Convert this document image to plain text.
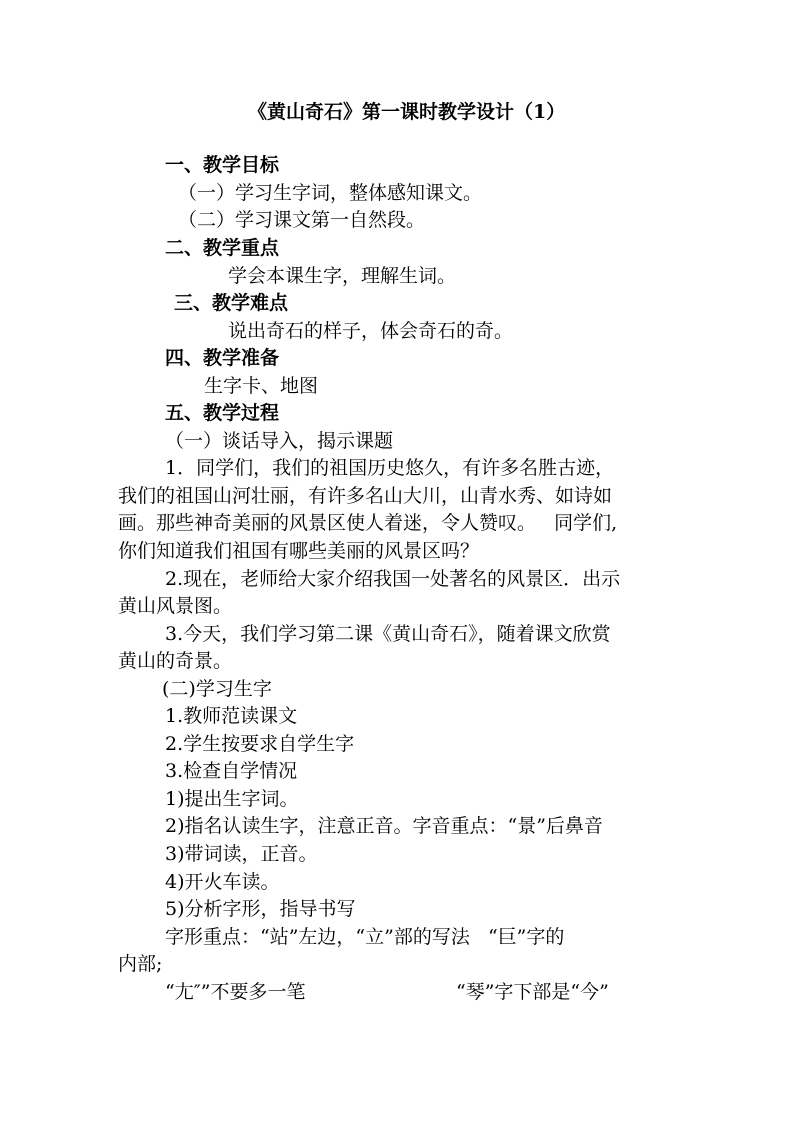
《黄山奇石》第一课时教学设计（1）
一、教学目标
（一）学习生字词，整体感知课文。
（二）学习课文第一自然段。
二、教学重点
学会本课生字，理解生词。
三、教学难点
说出奇石的样子，体会奇石的奇。
四、教学准备
生字卡、地图
五、教学过程
（一）谈话导入，揭示课题
1．同学们，我们的祖国历史悠久，有许多名胜古迹，
我们的祖国山河壮丽，有许多名山大川，山青水秀、如诗如
画。那些神奇美丽的风景区使人着迷，令人赞叹。   同学们,
你们知道我们祖国有哪些美丽的风景区吗？
2.现在，老师给大家介绍我国一处著名的风景区．出示
黄山风景图。
3.今天，我们学习第二课《黄山奇石》，随着课文欣赏
黄山的奇景。
(二)学习生字
1.教师范读课文
2.学生按要求自学生字
3.检查自学情况
1)提出生字词。
2)指名认读生字，注意正音。字音重点：“景”后鼻音
3)带词读，正音。
4)开火车读。
5)分析字形，指导书写
字形重点：“站”左边，“立”部的写法   “巨”字的
内部;
“尢″”不要多一笔	“琴”字下部是“今”
